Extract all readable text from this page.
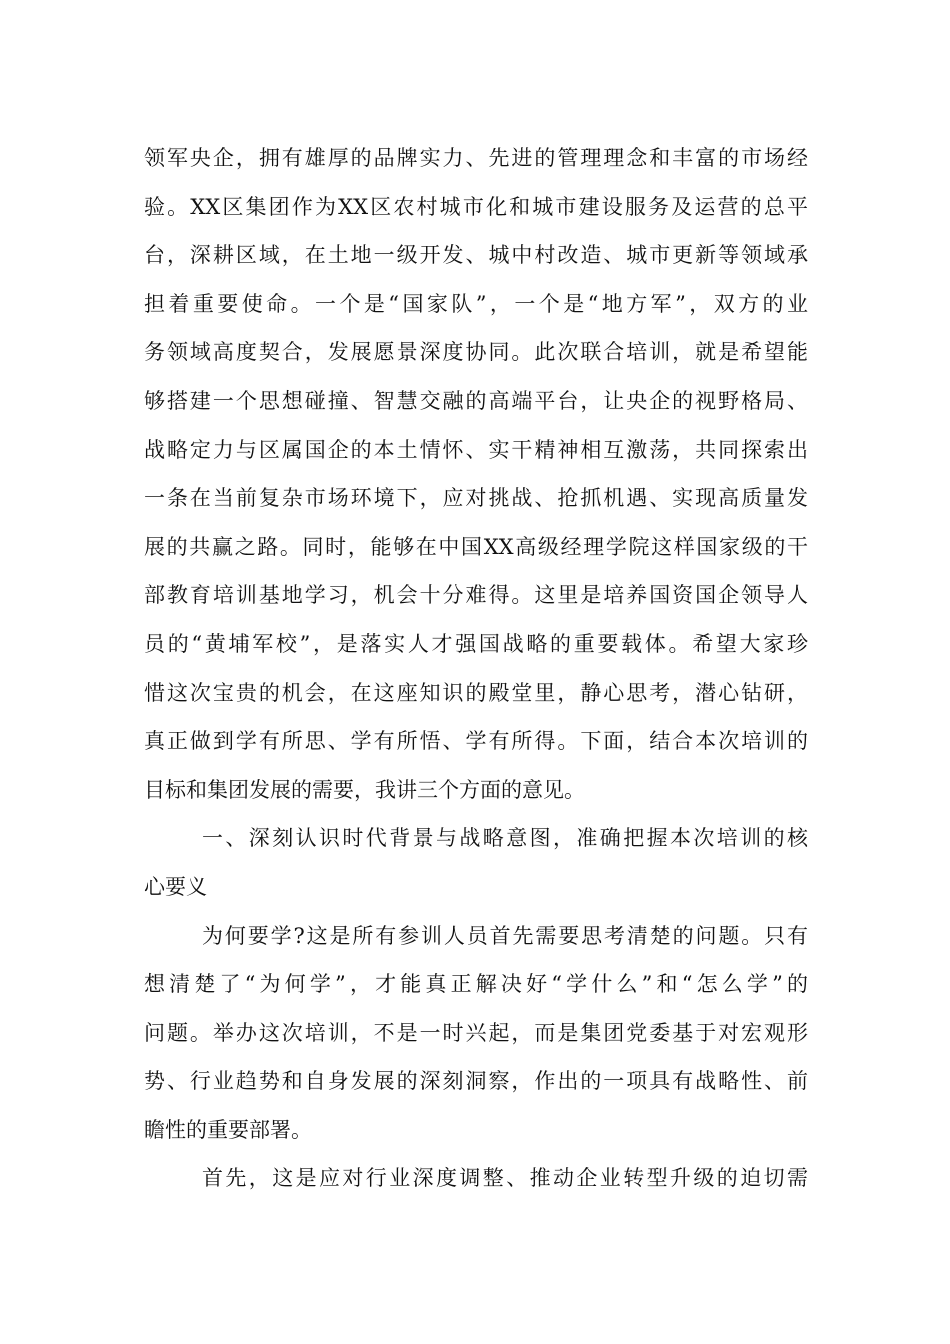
领军央企，拥有雄厚的品牌实力、先进的管理理念和丰富的市场经
验。XX区集团作为XX区农村城市化和城市建设服务及运营的总平
台，深耕区域，在土地一级开发、城中村改造、城市更新等领域承
担着重要使命。一个是“国家队”，一个是“地方军”，双方的业
务领域高度契合，发展愿景深度协同。此次联合培训，就是希望能
够搭建一个思想碰撞、智慧交融的高端平台，让央企的视野格局、
战略定力与区属国企的本土情怀、实干精神相互激荡，共同探索出
一条在当前复杂市场环境下，应对挑战、抢抓机遇、实现高质量发
展的共赢之路。同时，能够在中国XX高级经理学院这样国家级的干
部教育培训基地学习，机会十分难得。这里是培养国资国企领导人
员的“黄埔军校”，是落实人才强国战略的重要载体。希望大家珍
惜这次宝贵的机会，在这座知识的殿堂里，静心思考，潜心钻研，
真正做到学有所思、学有所悟、学有所得。下面，结合本次培训的
目标和集团发展的需要，我讲三个方面的意见。
一、深刻认识时代背景与战略意图，准确把握本次培训的核
心要义
为何要学?这是所有参训人员首先需要思考清楚的问题。只有
想清楚了“为何学”，才能真正解决好“学什么”和“怎么学”的
问题。举办这次培训，不是一时兴起，而是集团党委基于对宏观形
势、行业趋势和自身发展的深刻洞察，作出的一项具有战略性、前
瞻性的重要部署。
首先，这是应对行业深度调整、推动企业转型升级的迫切需
